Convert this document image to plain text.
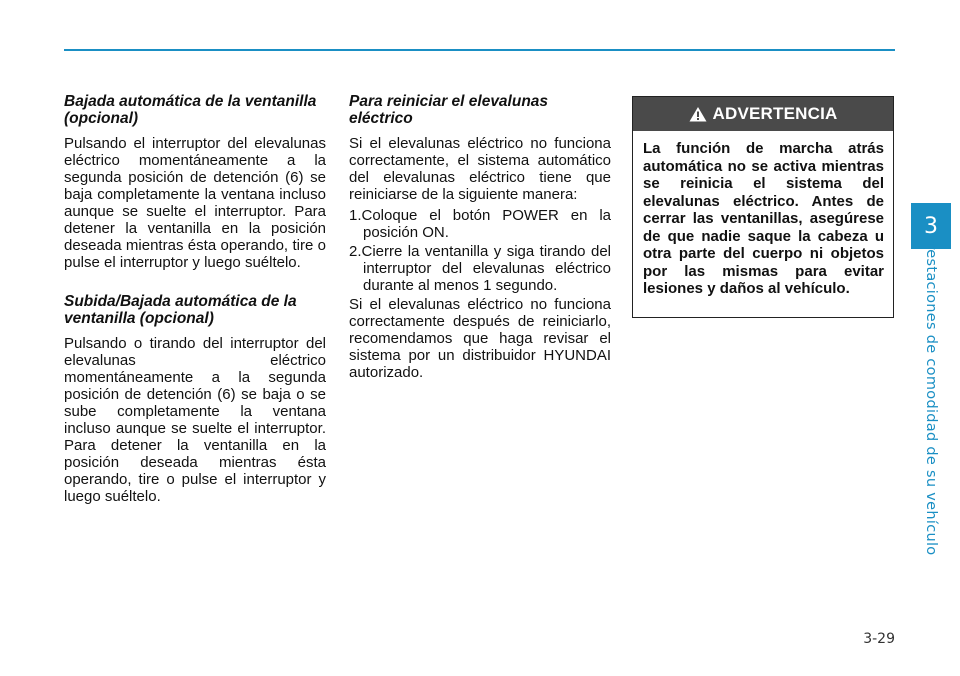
Bajada automática de la ventanilla (opcional)

Pulsando el interruptor del elevalunas eléctrico momentáneamente a la segunda posición de detención (6) se baja completamente la ventana incluso aunque se suelte el interruptor. Para detener la ventanilla en la posición deseada mientras ésta operando, tire o pulse el interruptor y luego suéltelo.

Subida/Bajada automática de la ventanilla (opcional)

Pulsando o tirando del interruptor del elevalunas eléctrico momentáneamente a la segunda posición de detención (6) se baja o se sube completamente la ventana incluso aunque se suelte el interruptor. Para detener la ventanilla en la posición deseada mientras ésta operando, tire o pulse el interruptor y luego suéltelo.

Para reiniciar el elevalunas eléctrico

Si el elevalunas eléctrico no funciona correctamente, el sistema automático del elevalunas eléctrico tiene que reiniciarse de la siguiente manera:

1.Coloque el botón POWER en la posición ON.

2.Cierre la ventanilla y siga tirando del interruptor del elevalunas eléctrico durante al menos 1 segundo.

Si el elevalunas eléctrico no funciona correctamente después de reiniciarlo, recomendamos que haga revisar el sistema por un distribuidor HYUNDAI autorizado.

ADVERTENCIA
La función de marcha atrás automática no se activa mientras se reinicia el sistema del elevalunas eléctrico. Antes de cerrar las ventanillas, asegúrese de que nadie saque la cabeza u otra parte del cuerpo ni objetos por las mismas para evitar lesiones y daños al vehículo.
3
Prestaciones de comodidad de su vehículo
3-29
